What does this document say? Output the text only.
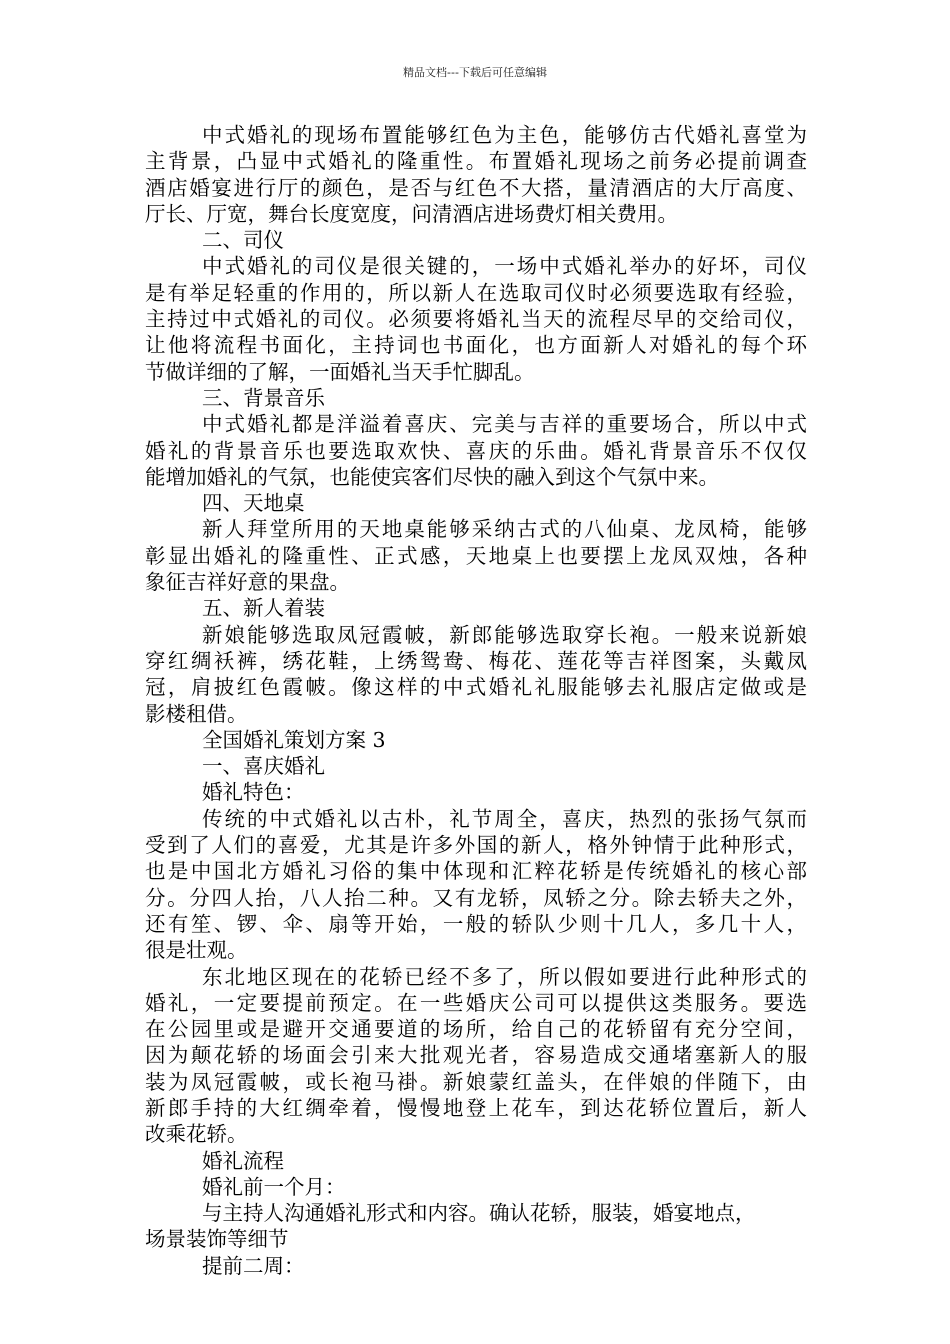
精品文档---下载后可任意编辑
中式婚礼的现场布置能够红色为主色，能够仿古代婚礼喜堂为
主背景，凸显中式婚礼的隆重性。布置婚礼现场之前务必提前调查
酒店婚宴进行厅的颜色，是否与红色不大搭，量清酒店的大厅高度、
厅长、厅宽，舞台长度宽度，问清酒店进场费灯相关费用。
二、司仪
中式婚礼的司仪是很关键的，一场中式婚礼举办的好坏，司仪
是有举足轻重的作用的，所以新人在选取司仪时必须要选取有经验，
主持过中式婚礼的司仪。必须要将婚礼当天的流程尽早的交给司仪，
让他将流程书面化，主持词也书面化，也方面新人对婚礼的每个环
节做详细的了解，一面婚礼当天手忙脚乱。
三、背景音乐
中式婚礼都是洋溢着喜庆、完美与吉祥的重要场合，所以中式
婚礼的背景音乐也要选取欢快、喜庆的乐曲。婚礼背景音乐不仅仅
能增加婚礼的气氛，也能使宾客们尽快的融入到这个气氛中来。
四、天地桌
新人拜堂所用的天地桌能够采纳古式的八仙桌、龙凤椅，能够
彰显出婚礼的隆重性、正式感，天地桌上也要摆上龙凤双烛，各种
象征吉祥好意的果盘。
五、新人着装
新娘能够选取凤冠霞帔，新郎能够选取穿长袍。一般来说新娘
穿红绸袄裤，绣花鞋，上绣鸳鸯、梅花、莲花等吉祥图案，头戴凤
冠，肩披红色霞帔。像这样的中式婚礼礼服能够去礼服店定做或是
影楼租借。
全国婚礼策划方案 3
一、喜庆婚礼
婚礼特色：
传统的中式婚礼以古朴，礼节周全，喜庆，热烈的张扬气氛而
受到了人们的喜爱，尤其是许多外国的新人，格外钟情于此种形式，
也是中国北方婚礼习俗的集中体现和汇粹花轿是传统婚礼的核心部
分。分四人抬，八人抬二种。又有龙轿，凤轿之分。除去轿夫之外，
还有笙、锣、伞、扇等开始，一般的轿队少则十几人，多几十人，
很是壮观。
东北地区现在的花轿已经不多了，所以假如要进行此种形式的
婚礼，一定要提前预定。在一些婚庆公司可以提供这类服务。要选
在公园里或是避开交通要道的场所，给自己的花轿留有充分空间，
因为颠花轿的场面会引来大批观光者，容易造成交通堵塞新人的服
装为凤冠霞帔，或长袍马褂。新娘蒙红盖头，在伴娘的伴随下，由
新郎手持的大红绸牵着，慢慢地登上花车，到达花轿位置后，新人
改乘花轿。
婚礼流程
婚礼前一个月：
与主持人沟通婚礼形式和内容。确认花轿，服装，婚宴地点，
场景装饰等细节
提前二周：
